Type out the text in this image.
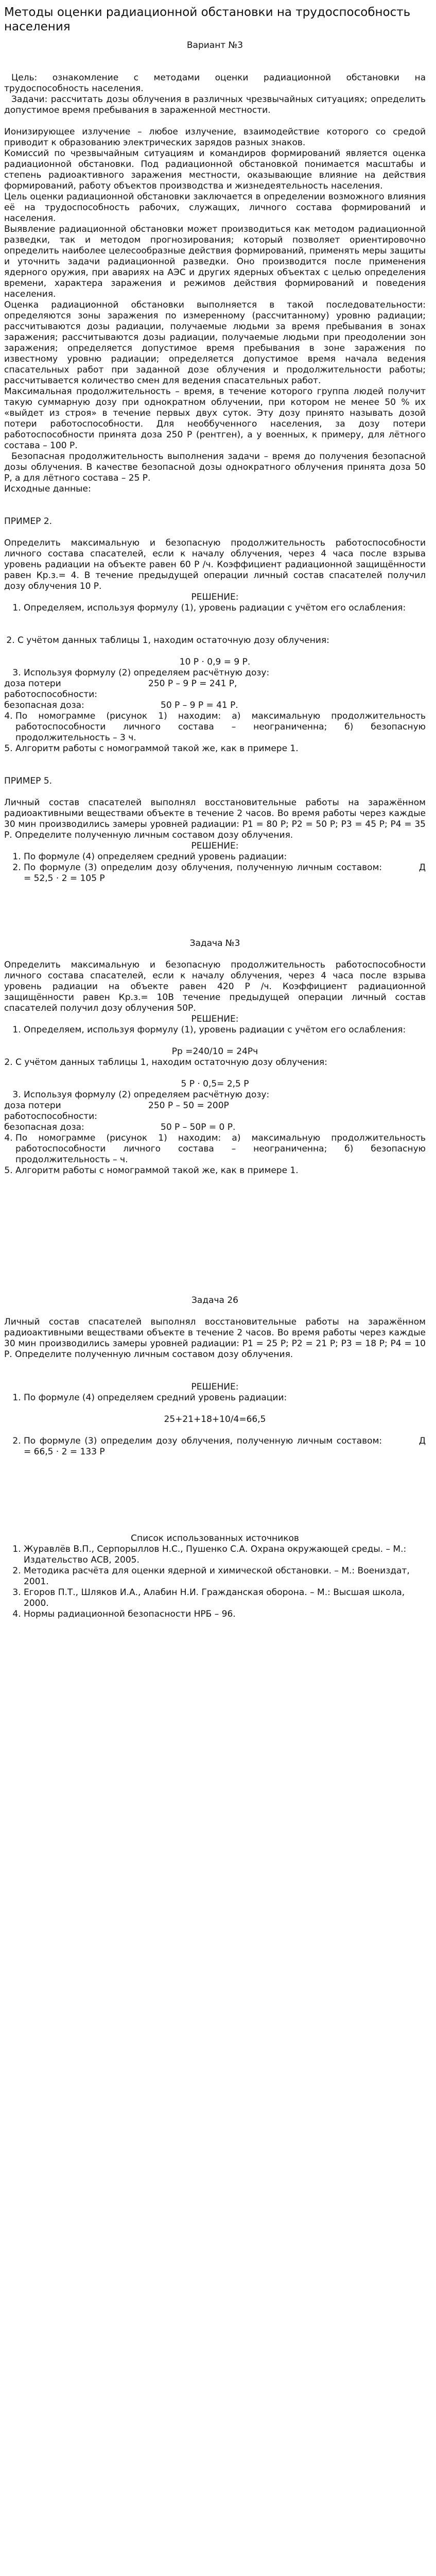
Методы оценки радиационной обстановки на трудоспособность населения

Вариант №3

Цель: ознакомление с методами оценки радиационной обстановки на трудоспособность населения.

Задачи: рассчитать дозы облучения в различных чрезвычайных ситуациях; определить допустимое время пребывания в зараженной местности.

Ионизирующее излучение – любое излучение, взаимодействие которого со средой приводит к образованию электрических зарядов разных знаков.

Комиссий по чрезвычайным ситуациям и командиров формирований является оценка радиационной обстановки. Под радиационной обстановкой понимается масштабы и степень радиоактивного заражения местности, оказывающие влияние на действия формирований, работу объектов производства и жизнедеятельность населения.

Цель оценки радиационной обстановки заключается в определении возможного влияния её на трудоспособность рабочих, служащих, личного состава формирований и населения.

Выявление радиационной обстановки может производиться как методом радиационной разведки, так и методом прогнозирования; который позволяет ориентировочно определить наиболее целесообразные действия формирований, применять меры защиты и уточнить задачи радиационной разведки. Оно производится после применения ядерного оружия, при авариях на АЭС и других ядерных объектах с целью определения времени, характера заражения и режимов действия формирований и поведения населения.

Оценка радиационной обстановки выполняется в такой последовательности: определяются зоны заражения по измеренному (рассчитанному) уровню радиации; рассчитываются дозы радиации, получаемые людьми за время пребывания в зонах заражения; рассчитываются дозы радиации, получаемые людьми при преодолении зон заражения; определяется допустимое время пребывания в зоне заражения по известному уровню радиации; определяется допустимое время начала ведения спасательных работ при заданной дозе облучения и продолжительности работы; рассчитывается количество смен для ведения спасательных работ.

Максимальная продолжительность – время, в течение которого группа людей получит такую суммарную дозу при однократном облучении, при котором не менее 50 % их «выйдет из строя» в течение первых двух суток. Эту дозу принято называть дозой потери работоспособности. Для необбученного населения, за дозу потери работоспособности принята доза 250 Р (рентген), а у военных, к примеру, для лётного состава – 100 Р.

Безопасная продолжительность выполнения задачи – время до получения безопасной дозы облучения. В качестве безопасной дозы однократного облучения принята доза 50 Р, а для лётного состава – 25 Р.

Исходные данные:

ПРИМЕР 2.

Определить максимальную и безопасную продолжительность работоспособности личного состава спасателей, если к началу облучения, через 4 часа после взрыва уровень радиации на объекте равен 60 Р /ч. Коэффициент радиационной защищённости равен Кр.з.= 4. В течение предыдущей операции личный состав спасателей получил дозу облучения 10 Р.

РЕШЕНИЕ:

1. Определяем, используя формулу (1), уровень радиации с учётом его ослабления:
2. С учётом данных таблицы 1, находим остаточную дозу облучения:

10 Р · 0,9 = 9 Р.

3. Используя формулу (2) определяем расчётную дозу:
доза потери работоспособности:
250 Р – 9 Р = 241 Р,
безопасная доза:	50 Р – 9 Р = 41 Р.
4. По номограмме (рисунок 1) находим: а) максимальную продолжительность работоспособности личного состава – неограниченна; б) безопасную продолжительность – 3 ч.
5. Алгоритм работы с номограммой такой же, как в примере 1.

ПРИМЕР 5.

Личный состав спасателей выполнял восстановительные работы на заражённом радиоактивными веществами объекте в течение 2 часов. Во время работы через каждые 30 мин производились замеры уровней радиации: P1 = 80 Р; P2 = 50 Р; P3 = 45 Р; P4 = 35 Р. Определите полученную личным составом дозу облучения.

РЕШЕНИЕ:

1. По формуле (4) определяем средний уровень радиации:
2. По формуле (3) определим дозу облучения, полученную личным составом:	Д = 52,5 · 2 = 105 Р

Задача №3

Определить максимальную и безопасную продолжительность работоспособности личного состава спасателей, если к началу облучения, через 4 часа после взрыва уровень радиации на объекте равен 420 Р /ч. Коэффициент радиационной защищённости равен Кр.з.= 10В течение предыдущей операции личный состав спасателей получил дозу облучения 50Р.

РЕШЕНИЕ:

1. Определяем, используя формулу (1), уровень радиации с учётом его ослабления:

Pр =240/10 = 24Рч

2. С учётом данных таблицы 1, находим остаточную дозу облучения:

5 Р · 0,5= 2,5 Р

3. Используя формулу (2) определяем расчётную дозу:
доза потери работоспособности:
250 Р – 50 = 200Р
безопасная доза:	50 Р – 50Р = 0 Р.
4. По номограмме (рисунок 1) находим: а) максимальную продолжительность работоспособности личного состава – неограниченна; б) безопасную продолжительность – ч.
5. Алгоритм работы с номограммой такой же, как в примере 1.

Задача 26

Личный состав спасателей выполнял восстановительные работы на заражённом радиоактивными веществами объекте в течение 2 часов. Во время работы через каждые 30 мин производились замеры уровней радиации: P1 = 25 Р; P2 = 21 Р; P3 = 18 Р; P4 = 10 Р. Определите полученную личным составом дозу облучения.

РЕШЕНИЕ:

1. По формуле (4) определяем средний уровень радиации:

25+21+18+10/4=66,5

2. По формуле (3) определим дозу облучения, полученную личным составом:	Д = 66,5 · 2 = 133 Р

Список использованных источников

1. Журавлёв В.П., Серпорыллов Н.С., Пушенко С.А. Охрана окружающей среды. – М.: Издательство АСВ, 2005.
2. Методика расчёта для оценки ядерной и химической обстановки. – М.: Воениздат, 2001.
3. Егоров П.Т., Шляков И.А., Алабин Н.И. Гражданская оборона. – М.: Высшая школа, 2000.
4. Нормы радиационной безопасности НРБ – 96.
